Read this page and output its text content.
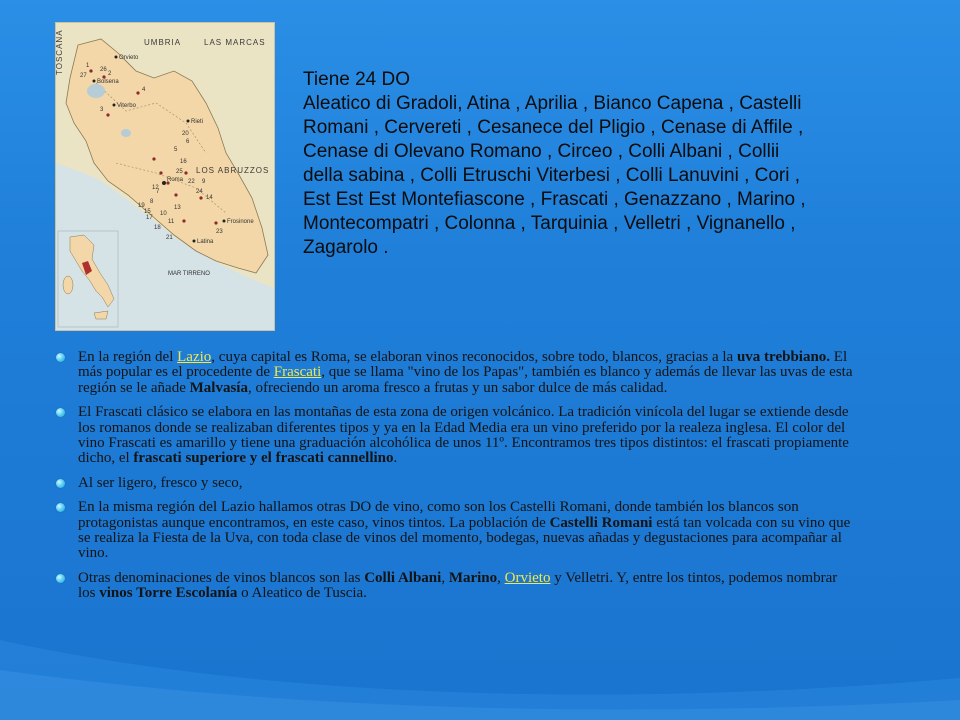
1
2
3
4
5
6
7
8
9
10
11
12
13
14
15
16
17
18
19
20
21
22
23
24
25
26
27
Orvieto
Bolsena
Viterbo
Rieti
Roma
Frosinone
Latina
UMBRIA	LAS MARCAS
LOS ABRUZZOS
TOSCANA
MAR TIRRENO
Tiene 24 DO
Aleatico di Gradoli, Atina , Aprilia , Bianco Capena , Castelli Romani , Cervereti , Cesanece del Pligio , Cenase di Affile , Cenase di Olevano Romano , Circeo , Colli Albani , Collii della sabina , Colli Etruschi Viterbesi , Colli Lanuvini , Cori , Est Est Est Montefiascone , Frascati , Genazzano , Marino , Montecompatri , Colonna , Tarquinia , Velletri , Vignanello , Zagarolo .
En la región del Lazio, cuya capital es Roma, se elaboran vinos reconocidos, sobre todo, blancos, gracias a la uva trebbiano. El más popular es el procedente de Frascati, que se llama "vino de los Papas", también es blanco y además de llevar las uvas de esta región se le añade Malvasía, ofreciendo un aroma fresco a frutas y un sabor dulce de más calidad.
El Frascati clásico se elabora en las montañas de esta zona de origen volcánico. La tradición vinícola del lugar se extiende desde los romanos donde se realizaban diferentes tipos y ya en la Edad Media era un vino preferido por la realeza inglesa. El color del vino Frascati es amarillo y tiene una graduación alcohólica de unos 11º. Encontramos tres tipos distintos: el frascati propiamente dicho, el frascati superiore y el frascati cannellino.
Al ser ligero, fresco y seco,
En la misma región del Lazio hallamos otras DO de vino, como son los Castelli Romani, donde también los blancos son protagonistas aunque encontramos, en este caso, vinos tintos. La población de Castelli Romani está tan volcada con su vino que se realiza la Fiesta de la Uva, con toda clase de vinos del momento, bodegas, nuevas añadas y degustaciones para acompañar al vino.
Otras denominaciones de vinos blancos son las Colli Albani, Marino, Orvieto y Velletri. Y, entre los tintos, podemos nombrar los vinos Torre Escolanía o Aleatico de Tuscia.
